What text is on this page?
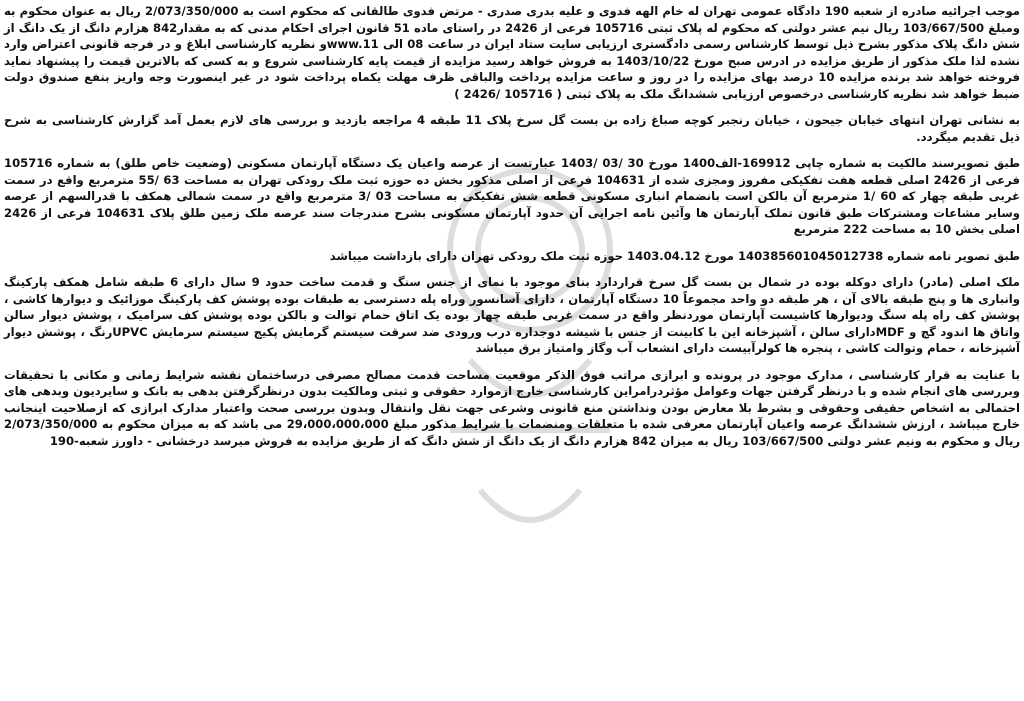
موجب اجرائیه صادره از شعبه 190 دادگاه عمومی تهران له خام الهه فدوی و علیه بدری صدری - مرتض فدوی طالقانی که محکوم است به 2/073/350/000 ریال به عنوان محکوم به ومبلغ 103/667/500 ریال نیم عشر دولتی که محکوم له پلاک ثبتی 105716 فرعی از 2426 در راستای ماده 51 قانون اجرای احکام مدنی که به مقدار842 هزارم دانگ از یک دانگ از شش دانگ پلاک مذکور بشرح ذیل توسط کارشناس رسمی دادگستری ارزیابی سایت ستاد ایران در ساعت 08 الی www.11و نظریه کارشناسی ابلاغ و در فرجه قانونی اعتراض وارد نشده لذا ملک مذکور از طریق مزایده در ادرس صبح مورخ 1403/10/22 به فروش خواهد رسید مزایده از قیمت پایه کارشناسی شروع و به کسی که بالاترین قیمت را پیشنهاد نماید فروخته خواهد شد برنده مزایده 10 درصد بهای مزایده را در روز و ساعت مزایده پرداخت والباقی ظرف مهلت یکماه پرداخت شود در غیر اینصورت وجه واریز بنفع صندوق دولت ضبط خواهد شد نظریه کارشناسی درخصوص ارزیابی ششدانگ ملک به پلاک ثبتی ( 105716 /2426 )

به نشانی تهران انتهای خیابان جیحون ، خیابان رنجبر کوچه صباغ زاده بن بست گل سرخ پلاک 11 طبقه 4 مراجعه بازدید و بررسی های لازم بعمل آمد گزارش کارشناسی به شرح ذیل تقدیم میگردد.

طبق تصویرسند مالکیت به شماره چاپی 169912-الف1400 مورخ 30 /03 /1403 عبارتست از عرصه واعیان یک دستگاه آپارتمان مسکونی (وضعیت خاص طلق) به شماره 105716 فرعی از 2426 اصلی قطعه هفت تفکیکی مفروز ومجزی شده از 104631 فرعی از اصلی مذکور بخش ده حوزه ثبت ملک رودکی تهران به مساحت 63 /55 مترمربع واقع در سمت غربی طبقه چهار که 60 /1 مترمربع آن بالکن است بانضمام انباری مسکونی قطعه شش تفکیکی به مساحت 03 /3 مترمربع واقع در سمت شمالی همکف با قدرالسهم از عرصه وسایر مشاعات ومشترکات طبق قانون تملک آپارتمان ها وآئین نامه اجرایی آن حدود آپارتمان مسکونی بشرح مندرجات سند عرصه ملک زمین طلق پلاک 104631 فرعی از 2426 اصلی بخش 10 به مساحت 222 مترمربع

طبق تصویر نامه شماره 140385601045012738 مورخ 1403.04.12 حوزه ثبت ملک رودکی تهران دارای بازداشت میباشد

ملک اصلی (مادر) دارای دوکله بوده در شمال بن بست گل سرخ قراردارد بنای موجود با نمای از جنس سنگ و قدمت ساخت حدود 9 سال دارای 6 طبقه شامل همکف پارکینگ وانباری ها و پنج طبقه بالای آن ، هر طبقه دو واحد مجموعاً 10 دستگاه آپارتمان ، دارای آسانسور وراه پله دسترسی به طبقات بوده پوشش کف پارکینگ موزائیک و دیوارها کاشی ، پوشش کف راه پله سنگ ودیوارها کاشیست آپارتمان موردنظر واقع در سمت غربی طبقه چهار بوده یک اتاق حمام توالت و بالکن بوده پوشش کف سرامیک ، پوشش دیوار سالن واتاق ها اندود گچ و MDFدارای سالن ، آشپزخانه این با کابینت از جنس با شیشه دوجداره درب ورودی ضد سرقت سیستم گرمایش پکیج سیستم سرمایش UPVCرنگ ، پوشش دیوار آشپزخانه ، حمام وتوالت کاشی ، پنجره ها کولرآبیست دارای انشعاب آب وگاز وامتیاز برق میباشد

با عنایت به قرار کارشناسی ، مدارک موجود در پرونده و ابرازی مراتب فوق الذکر موقعیت مساحت قدمت مصالح مصرفی درساختمان نقشه شرایط زمانی و مکانی با تحقیقات وبررسی های انجام شده و با درنظر گرفتن جهات وعوامل مؤثردرامراین کارشناسی خارج ازموارد حقوقی و ثبتی ومالکیت بدون درنظرگرفتن بدهی به بانک و سایردیون وبدهی های احتمالی به اشخاص حقیقی وحقوقی و بشرط بلا معارض بودن ونداشتن منع قانونی وشرعی جهت نقل وانتقال وبدون بررسی صحت واعتبار مدارک ابرازی که ازصلاحیت اینجانب خارج میباشد ، ارزش ششدانگ عرصه واعیان آپارتمان معرفی شده با متعلقات ومنضمات با شرایط مذکور مبلغ 29،000،000،000 می باشد که به میزان محکوم به 2/073/350/000 ریال و محکوم به ونیم عشر دولتی 103/667/500 ریال به میزان 842 هزارم دانگ از یک دانگ از شش دانگ که از طریق مزایده به فروش میرسد درخشانی - داورز شعبه-190
